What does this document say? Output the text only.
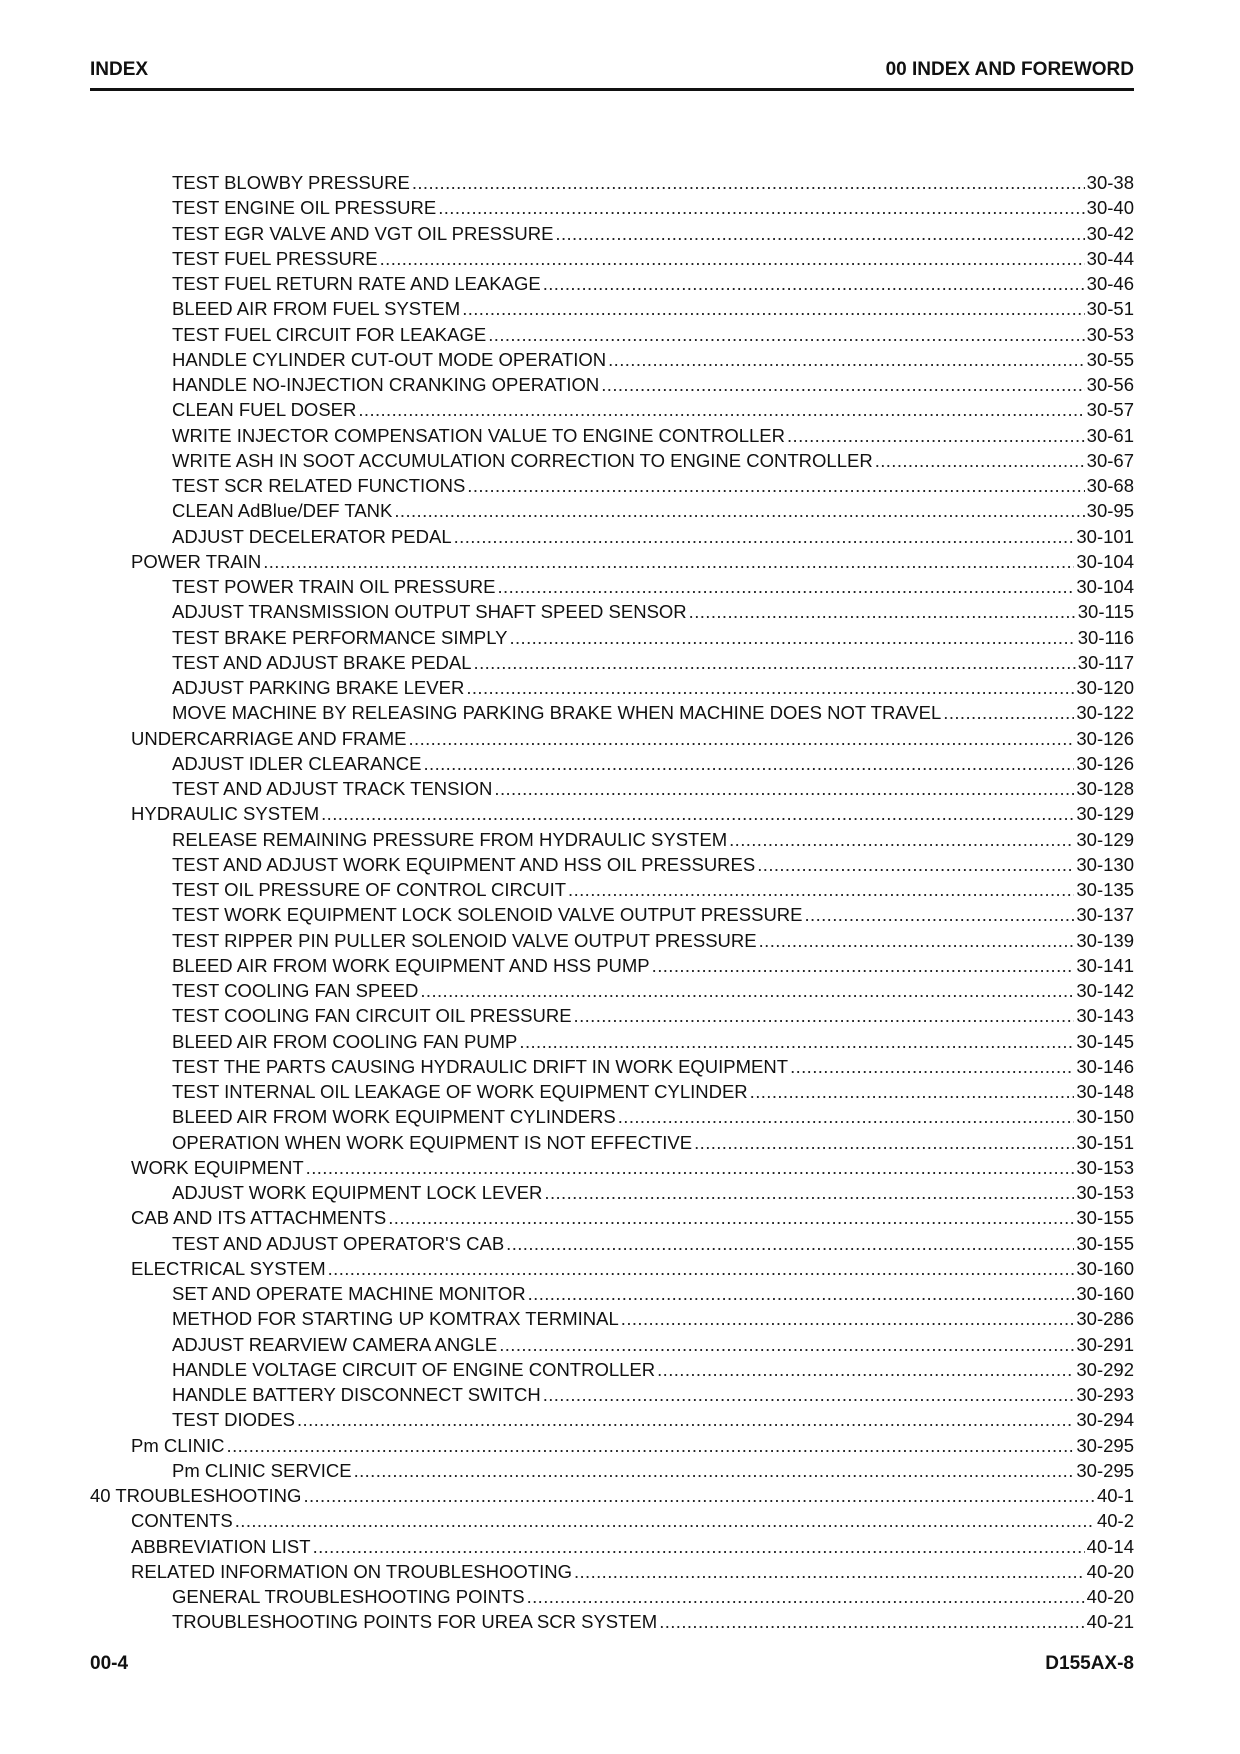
INDEX	00 INDEX AND FOREWORD
TEST BLOWBY PRESSURE .....	30-38
TEST ENGINE OIL PRESSURE .....	30-40
TEST EGR VALVE AND VGT OIL PRESSURE .....	30-42
TEST FUEL PRESSURE .....	30-44
TEST FUEL RETURN RATE AND LEAKAGE .....	30-46
BLEED AIR FROM FUEL SYSTEM .....	30-51
TEST FUEL CIRCUIT FOR LEAKAGE .....	30-53
HANDLE CYLINDER CUT-OUT MODE OPERATION .....	30-55
HANDLE NO-INJECTION CRANKING OPERATION .....	30-56
CLEAN FUEL DOSER .....	30-57
WRITE INJECTOR COMPENSATION VALUE TO ENGINE CONTROLLER .....	30-61
WRITE ASH IN SOOT ACCUMULATION CORRECTION TO ENGINE CONTROLLER .....	30-67
TEST SCR RELATED FUNCTIONS .....	30-68
CLEAN AdBlue/DEF TANK .....	30-95
ADJUST DECELERATOR PEDAL .....	30-101
POWER TRAIN .....	30-104
TEST POWER TRAIN OIL PRESSURE .....	30-104
ADJUST TRANSMISSION OUTPUT SHAFT SPEED SENSOR .....	30-115
TEST BRAKE PERFORMANCE SIMPLY .....	30-116
TEST AND ADJUST BRAKE PEDAL .....	30-117
ADJUST PARKING BRAKE LEVER .....	30-120
MOVE MACHINE BY RELEASING PARKING BRAKE WHEN MACHINE DOES NOT TRAVEL .....	30-122
UNDERCARRIAGE AND FRAME .....	30-126
ADJUST IDLER CLEARANCE .....	30-126
TEST AND ADJUST TRACK TENSION .....	30-128
HYDRAULIC SYSTEM .....	30-129
RELEASE REMAINING PRESSURE FROM HYDRAULIC SYSTEM .....	30-129
TEST AND ADJUST WORK EQUIPMENT AND HSS OIL PRESSURES .....	30-130
TEST OIL PRESSURE OF CONTROL CIRCUIT .....	30-135
TEST WORK EQUIPMENT LOCK SOLENOID VALVE OUTPUT PRESSURE .....	30-137
TEST RIPPER PIN PULLER SOLENOID VALVE OUTPUT PRESSURE .....	30-139
BLEED AIR FROM WORK EQUIPMENT AND HSS PUMP .....	30-141
TEST COOLING FAN SPEED .....	30-142
TEST COOLING FAN CIRCUIT OIL PRESSURE .....	30-143
BLEED AIR FROM COOLING FAN PUMP .....	30-145
TEST THE PARTS CAUSING HYDRAULIC DRIFT IN WORK EQUIPMENT .....	30-146
TEST INTERNAL OIL LEAKAGE OF WORK EQUIPMENT CYLINDER .....	30-148
BLEED AIR FROM WORK EQUIPMENT CYLINDERS .....	30-150
OPERATION WHEN WORK EQUIPMENT IS NOT EFFECTIVE .....	30-151
WORK EQUIPMENT .....	30-153
ADJUST WORK EQUIPMENT LOCK LEVER .....	30-153
CAB AND ITS ATTACHMENTS .....	30-155
TEST AND ADJUST OPERATOR'S CAB .....	30-155
ELECTRICAL SYSTEM .....	30-160
SET AND OPERATE MACHINE MONITOR .....	30-160
METHOD FOR STARTING UP KOMTRAX TERMINAL .....	30-286
ADJUST REARVIEW CAMERA ANGLE .....	30-291
HANDLE VOLTAGE CIRCUIT OF ENGINE CONTROLLER .....	30-292
HANDLE BATTERY DISCONNECT SWITCH .....	30-293
TEST DIODES .....	30-294
Pm CLINIC .....	30-295
Pm CLINIC SERVICE .....	30-295
40 TROUBLESHOOTING .....	40-1
CONTENTS .....	40-2
ABBREVIATION LIST .....	40-14
RELATED INFORMATION ON TROUBLESHOOTING .....	40-20
GENERAL TROUBLESHOOTING POINTS .....	40-20
TROUBLESHOOTING POINTS FOR UREA SCR SYSTEM .....	40-21
00-4	D155AX-8
